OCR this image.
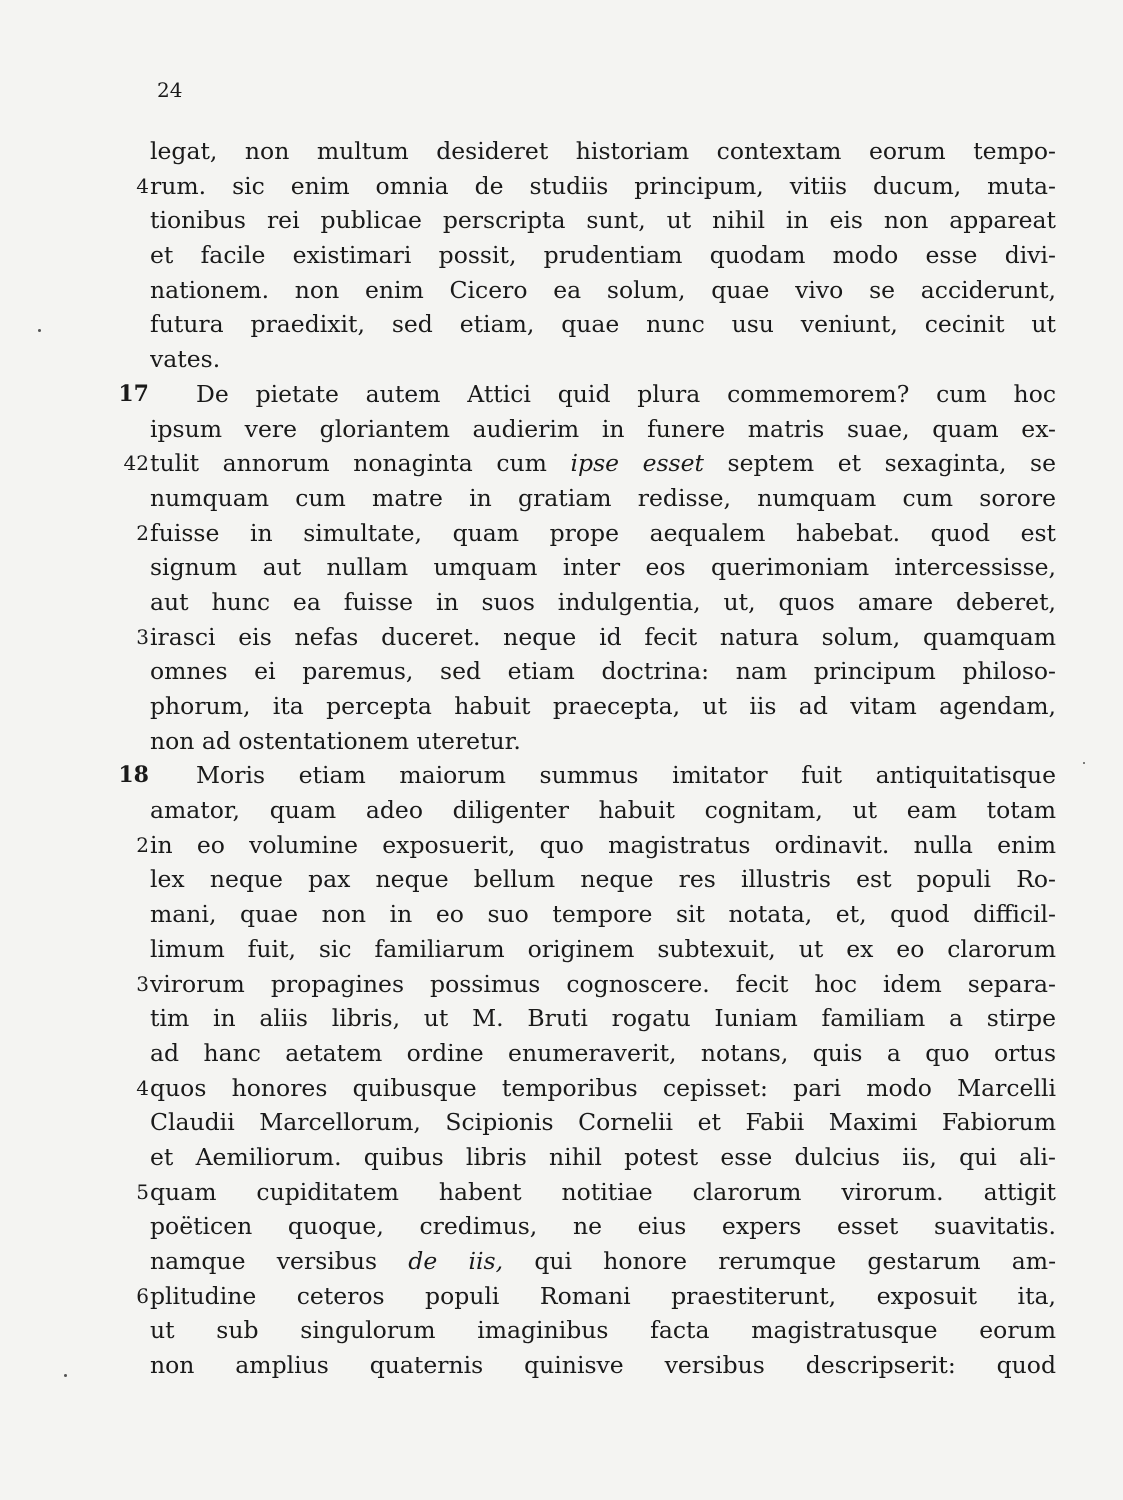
24
legat, non multum desideret historiam contextam eorum tempo-
4 rum. sic enim omnia de studiis principum, vitiis ducum, muta-
tionibus rei publicae perscripta sunt, ut nihil in eis non appareat
et facile existimari possit, prudentiam quodam modo esse divi-
nationem. non enim Cicero ea solum, quae vivo se acciderunt,
futura praedixit, sed etiam, quae nunc usu veniunt, cecinit ut
vates.
17 De pietate autem Attici quid plura commemorem? cum hoc
ipsum vere gloriantem audierim in funere matris suae, quam ex-
42 tulit annorum nonaginta cum ipse esset septem et sexaginta, se
numquam cum matre in gratiam redisse, numquam cum sorore
2 fuisse in simultate, quam prope aequalem habebat. quod est
signum aut nullam umquam inter eos querimoniam intercessisse,
aut hunc ea fuisse in suos indulgentia, ut, quos amare deberet,
3 irasci eis nefas duceret. neque id fecit natura solum, quamquam
omnes ei paremus, sed etiam doctrina: nam principum philoso-
phorum, ita percepta habuit praecepta, ut iis ad vitam agendam,
non ad ostentationem uteretur.
18 Moris etiam maiorum summus imitator fuit antiquitatisque
amator, quam adeo diligenter habuit cognitam, ut eam totam
2 in eo volumine exposuerit, quo magistratus ordinavit. nulla enim
lex neque pax neque bellum neque res illustris est populi Ro-
mani, quae non in eo suo tempore sit notata, et, quod difficil-
limum fuit, sic familiarum originem subtexuit, ut ex eo clarorum
3 virorum propagines possimus cognoscere. fecit hoc idem separa-
tim in aliis libris, ut M. Bruti rogatu Iuniam familiam a stirpe
ad hanc aetatem ordine enumeraverit, notans, quis a quo ortus
4 quos honores quibusque temporibus cepisset: pari modo Marcelli
Claudii Marcellorum, Scipionis Cornelii et Fabii Maximi Fabiorum
et Aemiliorum. quibus libris nihil potest esse dulcius iis, qui ali-
5 quam cupiditatem habent notitiae clarorum virorum. attigit
poëticen quoque, credimus, ne eius expers esset suavitatis.
namque versibus de iis, qui honore rerumque gestarum am-
6 plitudine ceteros populi Romani praestiterunt, exposuit ita,
ut sub singulorum imaginibus facta magistratusque eorum
non amplius quaternis quinisve versibus descripserit: quod
